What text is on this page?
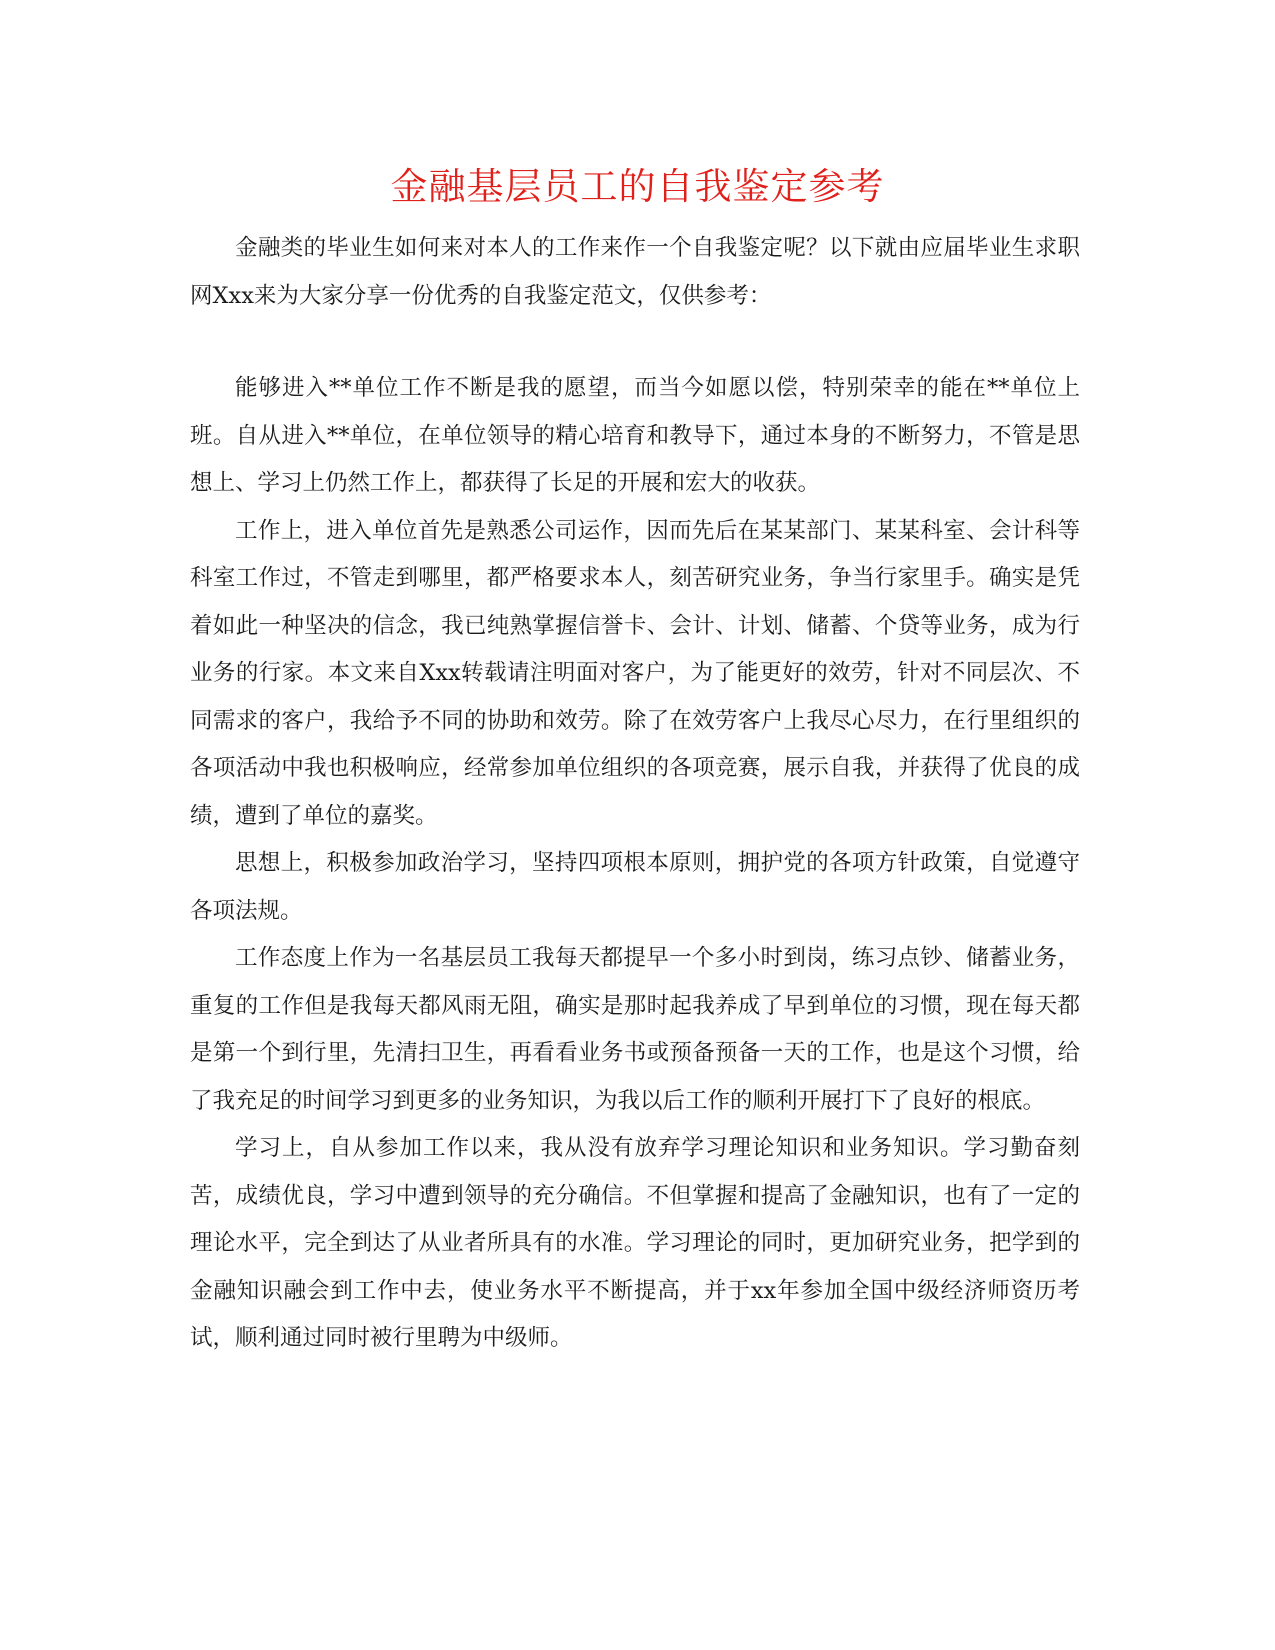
金融基层员工的自我鉴定参考

金融类的毕业生如何来对本人的工作来作一个自我鉴定呢？以下就由应届毕业生求职网Xxx来为大家分享一份优秀的自我鉴定范文，仅供参考：

能够进入**单位工作不断是我的愿望，而当今如愿以偿，特别荣幸的能在**单位上班。自从进入**单位，在单位领导的精心培育和教导下，通过本身的不断努力，不管是思想上、学习上仍然工作上，都获得了长足的开展和宏大的收获。

工作上，进入单位首先是熟悉公司运作，因而先后在某某部门、某某科室、会计科等科室工作过，不管走到哪里，都严格要求本人，刻苦研究业务，争当行家里手。确实是凭着如此一种坚决的信念，我已纯熟掌握信誉卡、会计、计划、储蓄、个贷等业务，成为行业务的行家。本文来自Xxx转载请注明面对客户，为了能更好的效劳，针对不同层次、不同需求的客户，我给予不同的协助和效劳。除了在效劳客户上我尽心尽力，在行里组织的各项活动中我也积极响应，经常参加单位组织的各项竞赛，展示自我，并获得了优良的成绩，遭到了单位的嘉奖。

思想上，积极参加政治学习，坚持四项根本原则，拥护党的各项方针政策，自觉遵守各项法规。

工作态度上作为一名基层员工我每天都提早一个多小时到岗，练习点钞、储蓄业务，重复的工作但是我每天都风雨无阻，确实是那时起我养成了早到单位的习惯，现在每天都是第一个到行里，先清扫卫生，再看看业务书或预备预备一天的工作，也是这个习惯，给了我充足的时间学习到更多的业务知识，为我以后工作的顺利开展打下了良好的根底。

学习上，自从参加工作以来，我从没有放弃学习理论知识和业务知识。学习勤奋刻苦，成绩优良，学习中遭到领导的充分确信。不但掌握和提高了金融知识，也有了一定的理论水平，完全到达了从业者所具有的水准。学习理论的同时，更加研究业务，把学到的金融知识融会到工作中去，使业务水平不断提高，并于xx年参加全国中级经济师资历考试，顺利通过同时被行里聘为中级师。
